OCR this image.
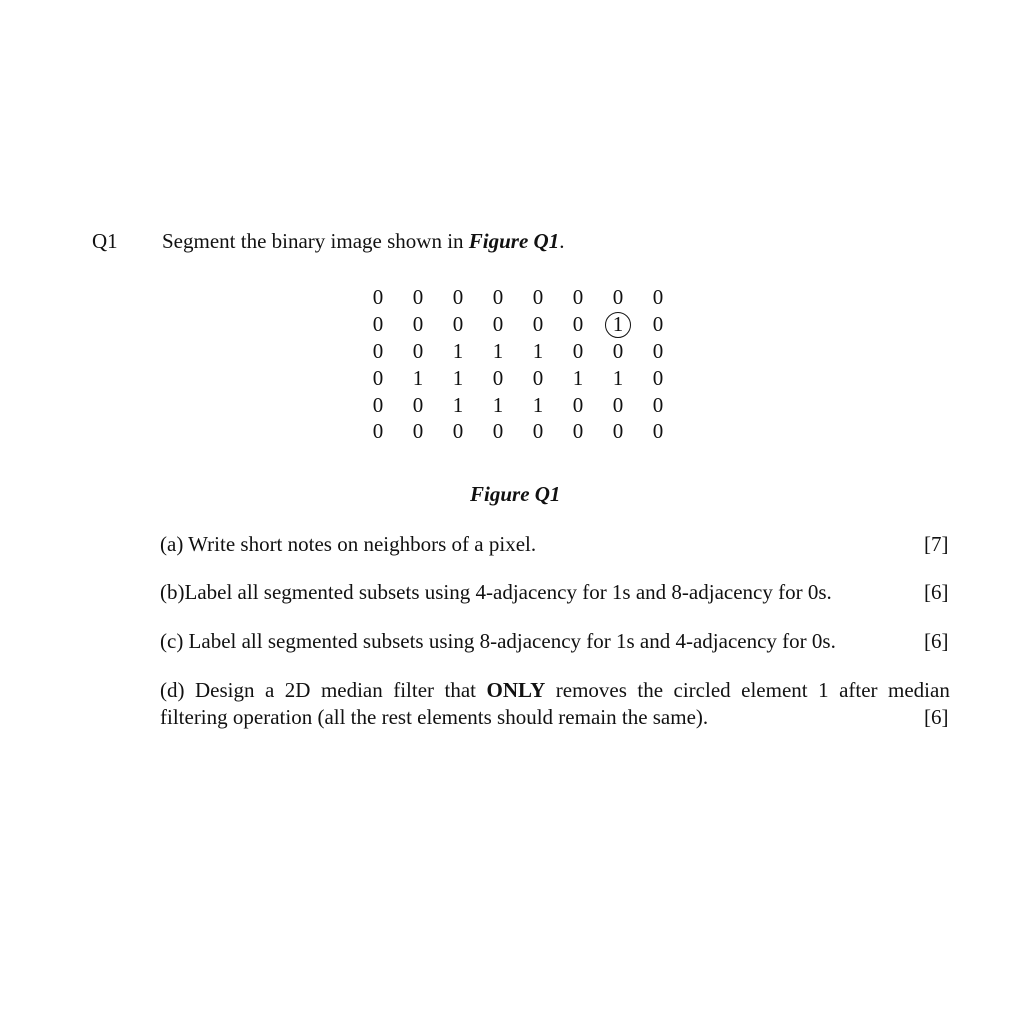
Q1 Segment the binary image shown in Figure Q1.
0	0	0	0	0	0	0	0
0	0	0	0	0	0	1	0
0	0	1	1	1	0	0	0
0	1	1	0	0	1	1	0
0	0	1	1	1	0	0	0
0	0	0	0	0	0	0	0
Figure Q1
(a) Write short notes on neighbors of a pixel.	[7]
(b)Label all segmented subsets using 4-adjacency for 1s and 8-adjacency for 0s.	[6]
(c) Label all segmented subsets using 8-adjacency for 1s and 4-adjacency for 0s.	[6]
(d) Design a 2D median filter that ONLY removes the circled element 1 after median
filtering operation (all the rest elements should remain the same).	[6]
